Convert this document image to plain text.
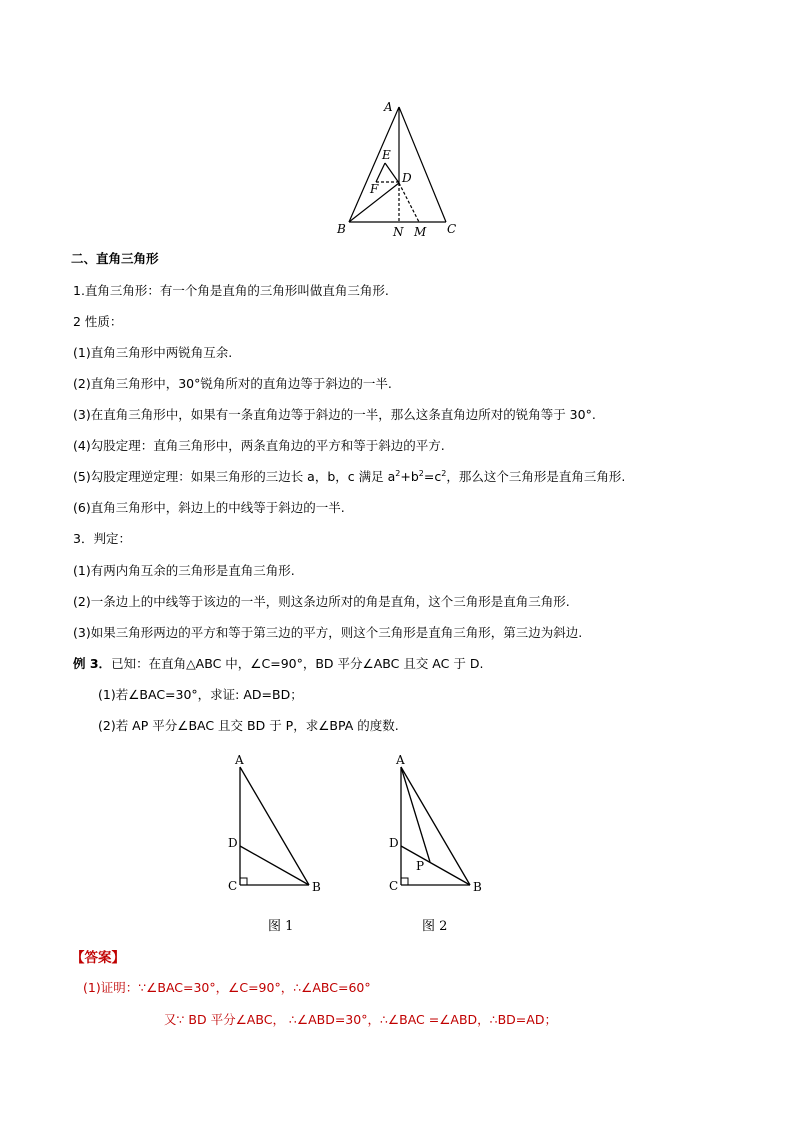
A
E
D
F
B	N M C
二、直角三角形
1.直角三角形：有一个角是直角的三角形叫做直角三角形.
2 性质：
(1)直角三角形中两锐角互余.
(2)直角三角形中，30°锐角所对的直角边等于斜边的一半.
(3)在直角三角形中，如果有一条直角边等于斜边的一半，那么这条直角边所对的锐角等于 30°.
(4)勾股定理：直角三角形中，两条直角边的平方和等于斜边的平方.
(5)勾股定理逆定理：如果三角形的三边长 a，b，c 满足 $a^2+b^2=c^2$，那么这个三角形是直角三角形.
(6)直角三角形中，斜边上的中线等于斜边的一半.
3．判定：
(1)有两内角互余的三角形是直角三角形.
(2)一条边上的中线等于该边的一半，则这条边所对的角是直角，这个三角形是直角三角形.
(3)如果三角形两边的平方和等于第三边的平方，则这个三角形是直角三角形，第三边为斜边.
例 3．已知：在直角△ABC 中，∠C=90°，BD 平分∠ABC 且交 AC 于 D.
(1)若∠BAC=30°，求证: AD=BD；
(2)若 AP 平分∠BAC 且交 BD 于 P，求∠BPA 的度数.
A
D
C	B
图 1
A
D
P
C	B
图 2
【答案】
(1)证明：∵∠BAC=30°，∠C=90°，∴∠ABC=60°
又∵ BD 平分∠ABC， ∴∠ABD=30°，∴∠BAC =∠ABD，∴BD=AD；
